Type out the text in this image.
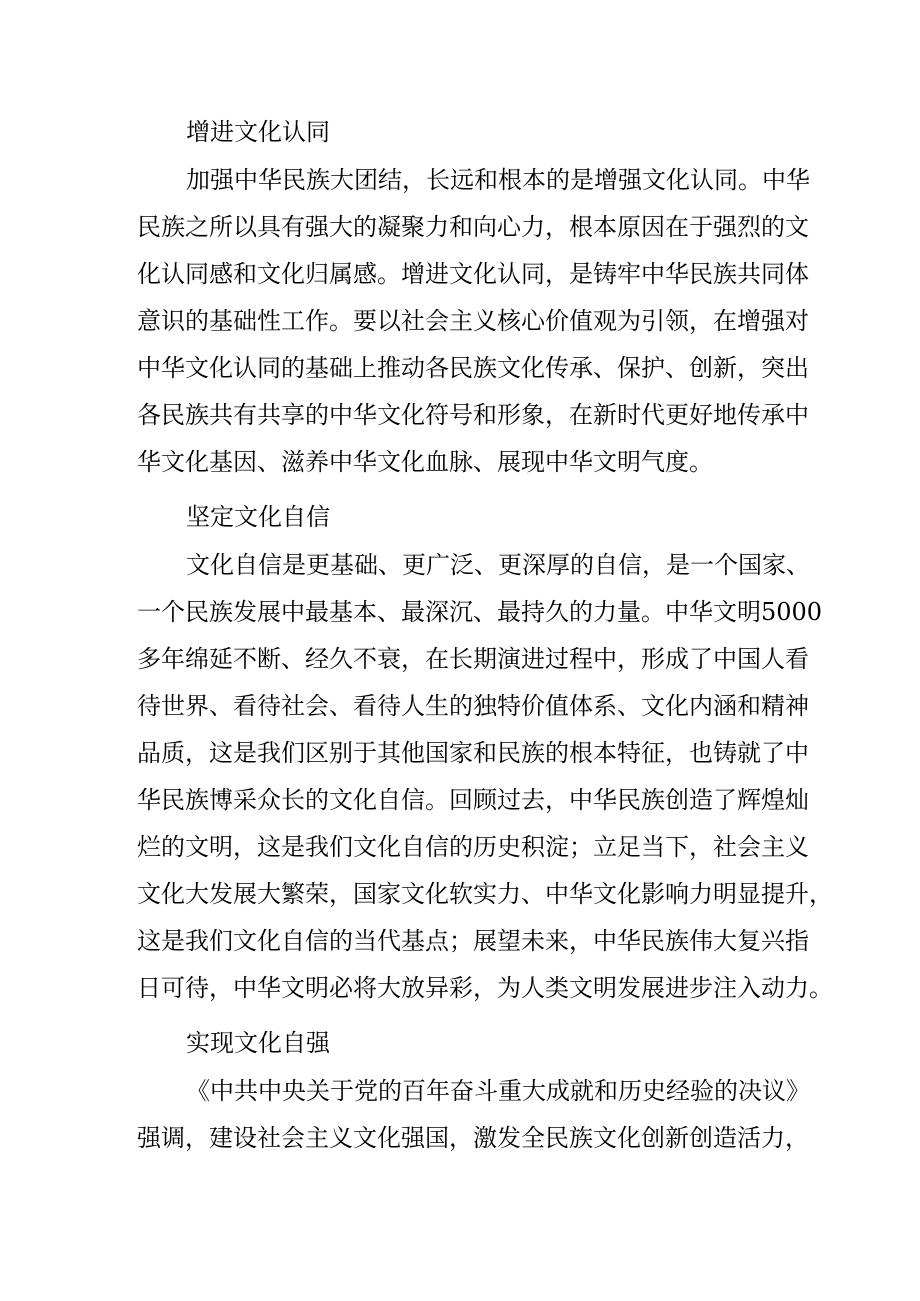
增进文化认同
加强中华民族大团结，长远和根本的是增强文化认同。中华
民族之所以具有强大的凝聚力和向心力，根本原因在于强烈的文
化认同感和文化归属感。增进文化认同，是铸牢中华民族共同体
意识的基础性工作。要以社会主义核心价值观为引领，在增强对
中华文化认同的基础上推动各民族文化传承、保护、创新，突出
各民族共有共享的中华文化符号和形象，在新时代更好地传承中
华文化基因、滋养中华文化血脉、展现中华文明气度。
坚定文化自信
文化自信是更基础、更广泛、更深厚的自信，是一个国家、
一个民族发展中最基本、最深沉、最持久的力量。中华文明5000
多年绵延不断、经久不衰，在长期演进过程中，形成了中国人看
待世界、看待社会、看待人生的独特价值体系、文化内涵和精神
品质，这是我们区别于其他国家和民族的根本特征，也铸就了中
华民族博采众长的文化自信。回顾过去，中华民族创造了辉煌灿
烂的文明，这是我们文化自信的历史积淀；立足当下，社会主义
文化大发展大繁荣，国家文化软实力、中华文化影响力明显提升，
这是我们文化自信的当代基点；展望未来，中华民族伟大复兴指
日可待，中华文明必将大放异彩，为人类文明发展进步注入动力。
实现文化自强
《中共中央关于党的百年奋斗重大成就和历史经验的决议》
强调，建设社会主义文化强国，激发全民族文化创新创造活力，
